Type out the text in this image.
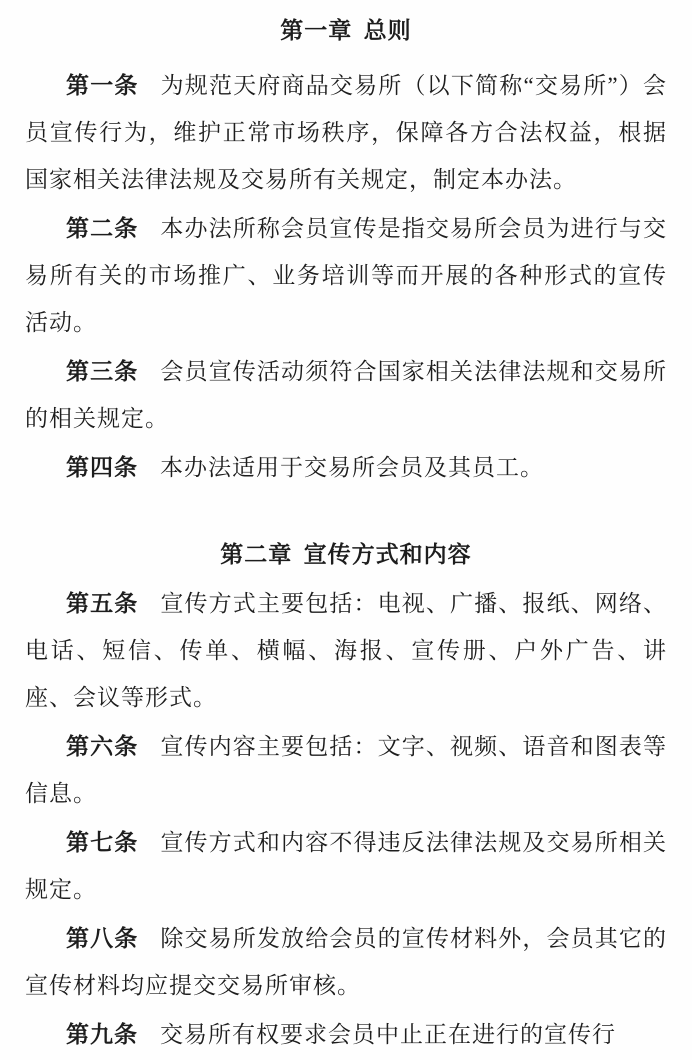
第一章 总则

第一条 为规范天府商品交易所（以下简称“交易所”）会员宣传行为，维护正常市场秩序，保障各方合法权益，根据国家相关法律法规及交易所有关规定，制定本办法。

第二条 本办法所称会员宣传是指交易所会员为进行与交易所有关的市场推广、业务培训等而开展的各种形式的宣传活动。

第三条 会员宣传活动须符合国家相关法律法规和交易所的相关规定。

第四条 本办法适用于交易所会员及其员工。

第二章 宣传方式和内容

第五条 宣传方式主要包括：电视、广播、报纸、网络、电话、短信、传单、横幅、海报、宣传册、户外广告、讲座、会议等形式。

第六条 宣传内容主要包括：文字、视频、语音和图表等信息。

第七条 宣传方式和内容不得违反法律法规及交易所相关规定。

第八条 除交易所发放给会员的宣传材料外，会员其它的宣传材料均应提交交易所审核。

第九条 交易所有权要求会员中止正在进行的宣传行
